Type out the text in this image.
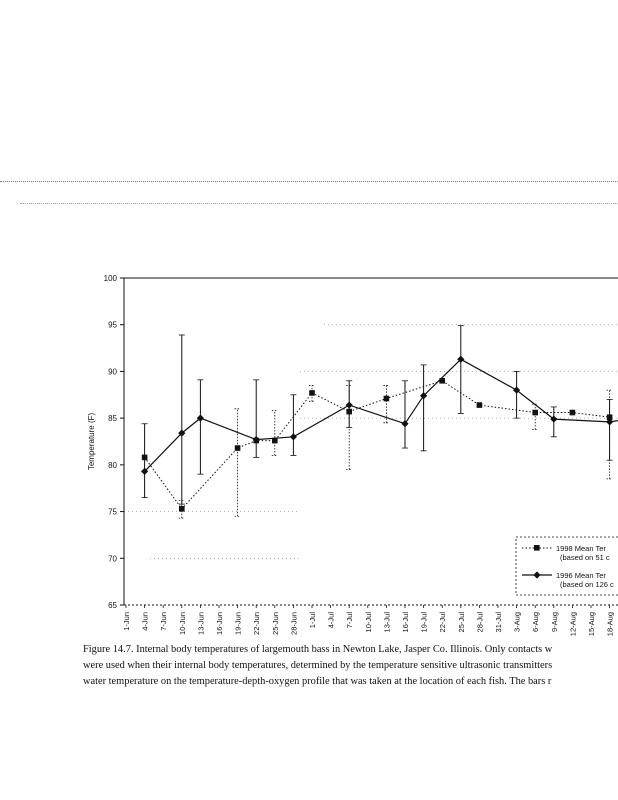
65
70
75
80
85
90
95
100
Temperature (F)
1-Jun 4-Jun 7-Jun 10-Jun 13-Jun 16-Jun 19-Jun 22-Jun 25-Jun 28-Jun 1-Jul 4-Jul 7-Jul 10-Jul 13-Jul 16-Jul 19-Jul 22-Jul 25-Jul 28-Jul 31-Jul 3-Aug 6-Aug 9-Aug 12-Aug 15-Aug 18-Aug
1998 Mean Ter
(based on 51 c
1996 Mean Ter
(based on 126 c
Figure 14.7. Internal body temperatures of largemouth bass in Newton Lake, Jasper Co. Illinois. Only contacts w
were used when their internal body temperatures, determined by the temperature sensitive ultrasonic transmitters
water temperature on the temperature-depth-oxygen profile that was taken at the location of each fish. The bars r
